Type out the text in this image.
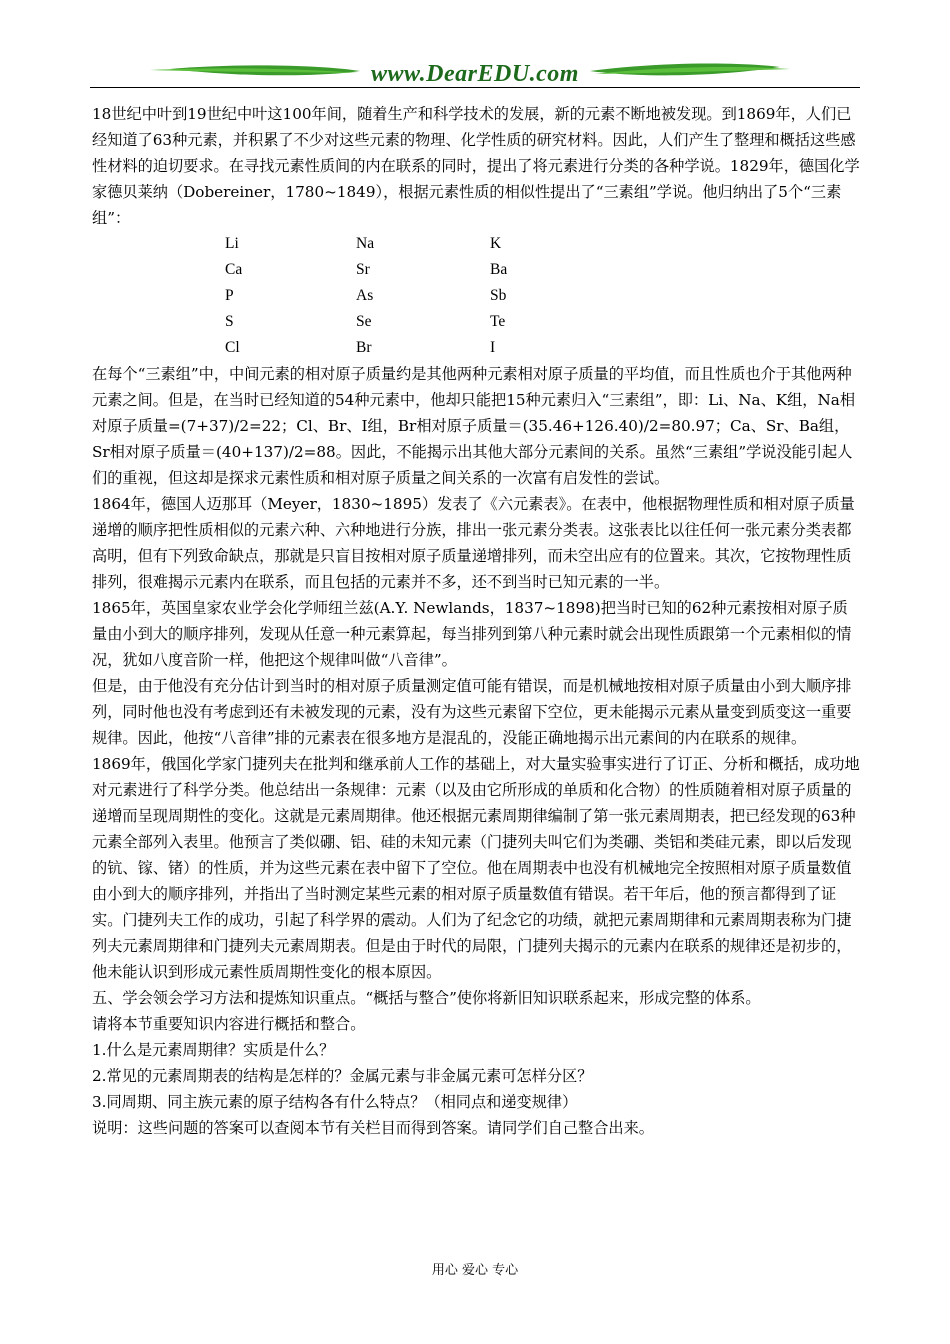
www.DearEDU.com

18世纪中叶到19世纪中叶这100年间，随着生产和科学技术的发展，新的元素不断地被发现。到1869年，人们已经知道了63种元素，并积累了不少对这些元素的物理、化学性质的研究材料。因此，人们产生了整理和概括这些感性材料的迫切要求。在寻找元素性质间的内在联系的同时，提出了将元素进行分类的各种学说。1829年，德国化学家德贝莱纳（Dobereiner，1780~1849），根据元素性质的相似性提出了“三素组”学说。他归纳出了5个“三素组”：

Li	Na	K
Ca	Sr	Ba
P	As	Sb
S	Se	Te
Cl	Br	I

在每个“三素组”中，中间元素的相对原子质量约是其他两种元素相对原子质量的平均值，而且性质也介于其他两种元素之间。但是，在当时已经知道的54种元素中，他却只能把15种元素归入“三素组”，即：Li、Na、K组，Na相对原子质量=(7+37)/2=22；Cl、Br、I组，Br相对原子质量＝(35.46+126.40)/2=80.97；Ca、Sr、Ba组，Sr相对原子质量＝(40+137)/2=88。因此，不能揭示出其他大部分元素间的关系。虽然“三素组”学说没能引起人们的重视，但这却是探求元素性质和相对原子质量之间关系的一次富有启发性的尝试。

1864年，德国人迈那耳（Meyer，1830~1895）发表了《六元素表》。在表中，他根据物理性质和相对原子质量递增的顺序把性质相似的元素六种、六种地进行分族，排出一张元素分类表。这张表比以往任何一张元素分类表都高明，但有下列致命缺点，那就是只盲目按相对原子质量递增排列，而未空出应有的位置来。其次，它按物理性质排列，很难揭示元素内在联系，而且包括的元素并不多，还不到当时已知元素的一半。

1865年，英国皇家农业学会化学师纽兰兹(A.Y. Newlands，1837~1898)把当时已知的62种元素按相对原子质量由小到大的顺序排列，发现从任意一种元素算起，每当排列到第八种元素时就会出现性质跟第一个元素相似的情况，犹如八度音阶一样，他把这个规律叫做“八音律”。

但是，由于他没有充分估计到当时的相对原子质量测定值可能有错误，而是机械地按相对原子质量由小到大顺序排列，同时他也没有考虑到还有未被发现的元素，没有为这些元素留下空位，更未能揭示元素从量变到质变这一重要规律。因此，他按“八音律”排的元素表在很多地方是混乱的，没能正确地揭示出元素间的内在联系的规律。

1869年，俄国化学家门捷列夫在批判和继承前人工作的基础上，对大量实验事实进行了订正、分析和概括，成功地对元素进行了科学分类。他总结出一条规律：元素（以及由它所形成的单质和化合物）的性质随着相对原子质量的递增而呈现周期性的变化。这就是元素周期律。他还根据元素周期律编制了第一张元素周期表，把已经发现的63种元素全部列入表里。他预言了类似硼、铝、硅的未知元素（门捷列夫叫它们为类硼、类铝和类硅元素，即以后发现的钪、镓、锗）的性质，并为这些元素在表中留下了空位。他在周期表中也没有机械地完全按照相对原子质量数值由小到大的顺序排列，并指出了当时测定某些元素的相对原子质量数值有错误。若干年后，他的预言都得到了证实。门捷列夫工作的成功，引起了科学界的震动。人们为了纪念它的功绩，就把元素周期律和元素周期表称为门捷列夫元素周期律和门捷列夫元素周期表。但是由于时代的局限，门捷列夫揭示的元素内在联系的规律还是初步的，他未能认识到形成元素性质周期性变化的根本原因。

五、学会领会学习方法和提炼知识重点。“概括与整合”使你将新旧知识联系起来，形成完整的体系。

请将本节重要知识内容进行概括和整合。

1.什么是元素周期律？实质是什么？

2.常见的元素周期表的结构是怎样的？金属元素与非金属元素可怎样分区？

3.同周期、同主族元素的原子结构各有什么特点？（相同点和递变规律）

说明：这些问题的答案可以查阅本节有关栏目而得到答案。请同学们自己整合出来。

用心 爱心 专心
